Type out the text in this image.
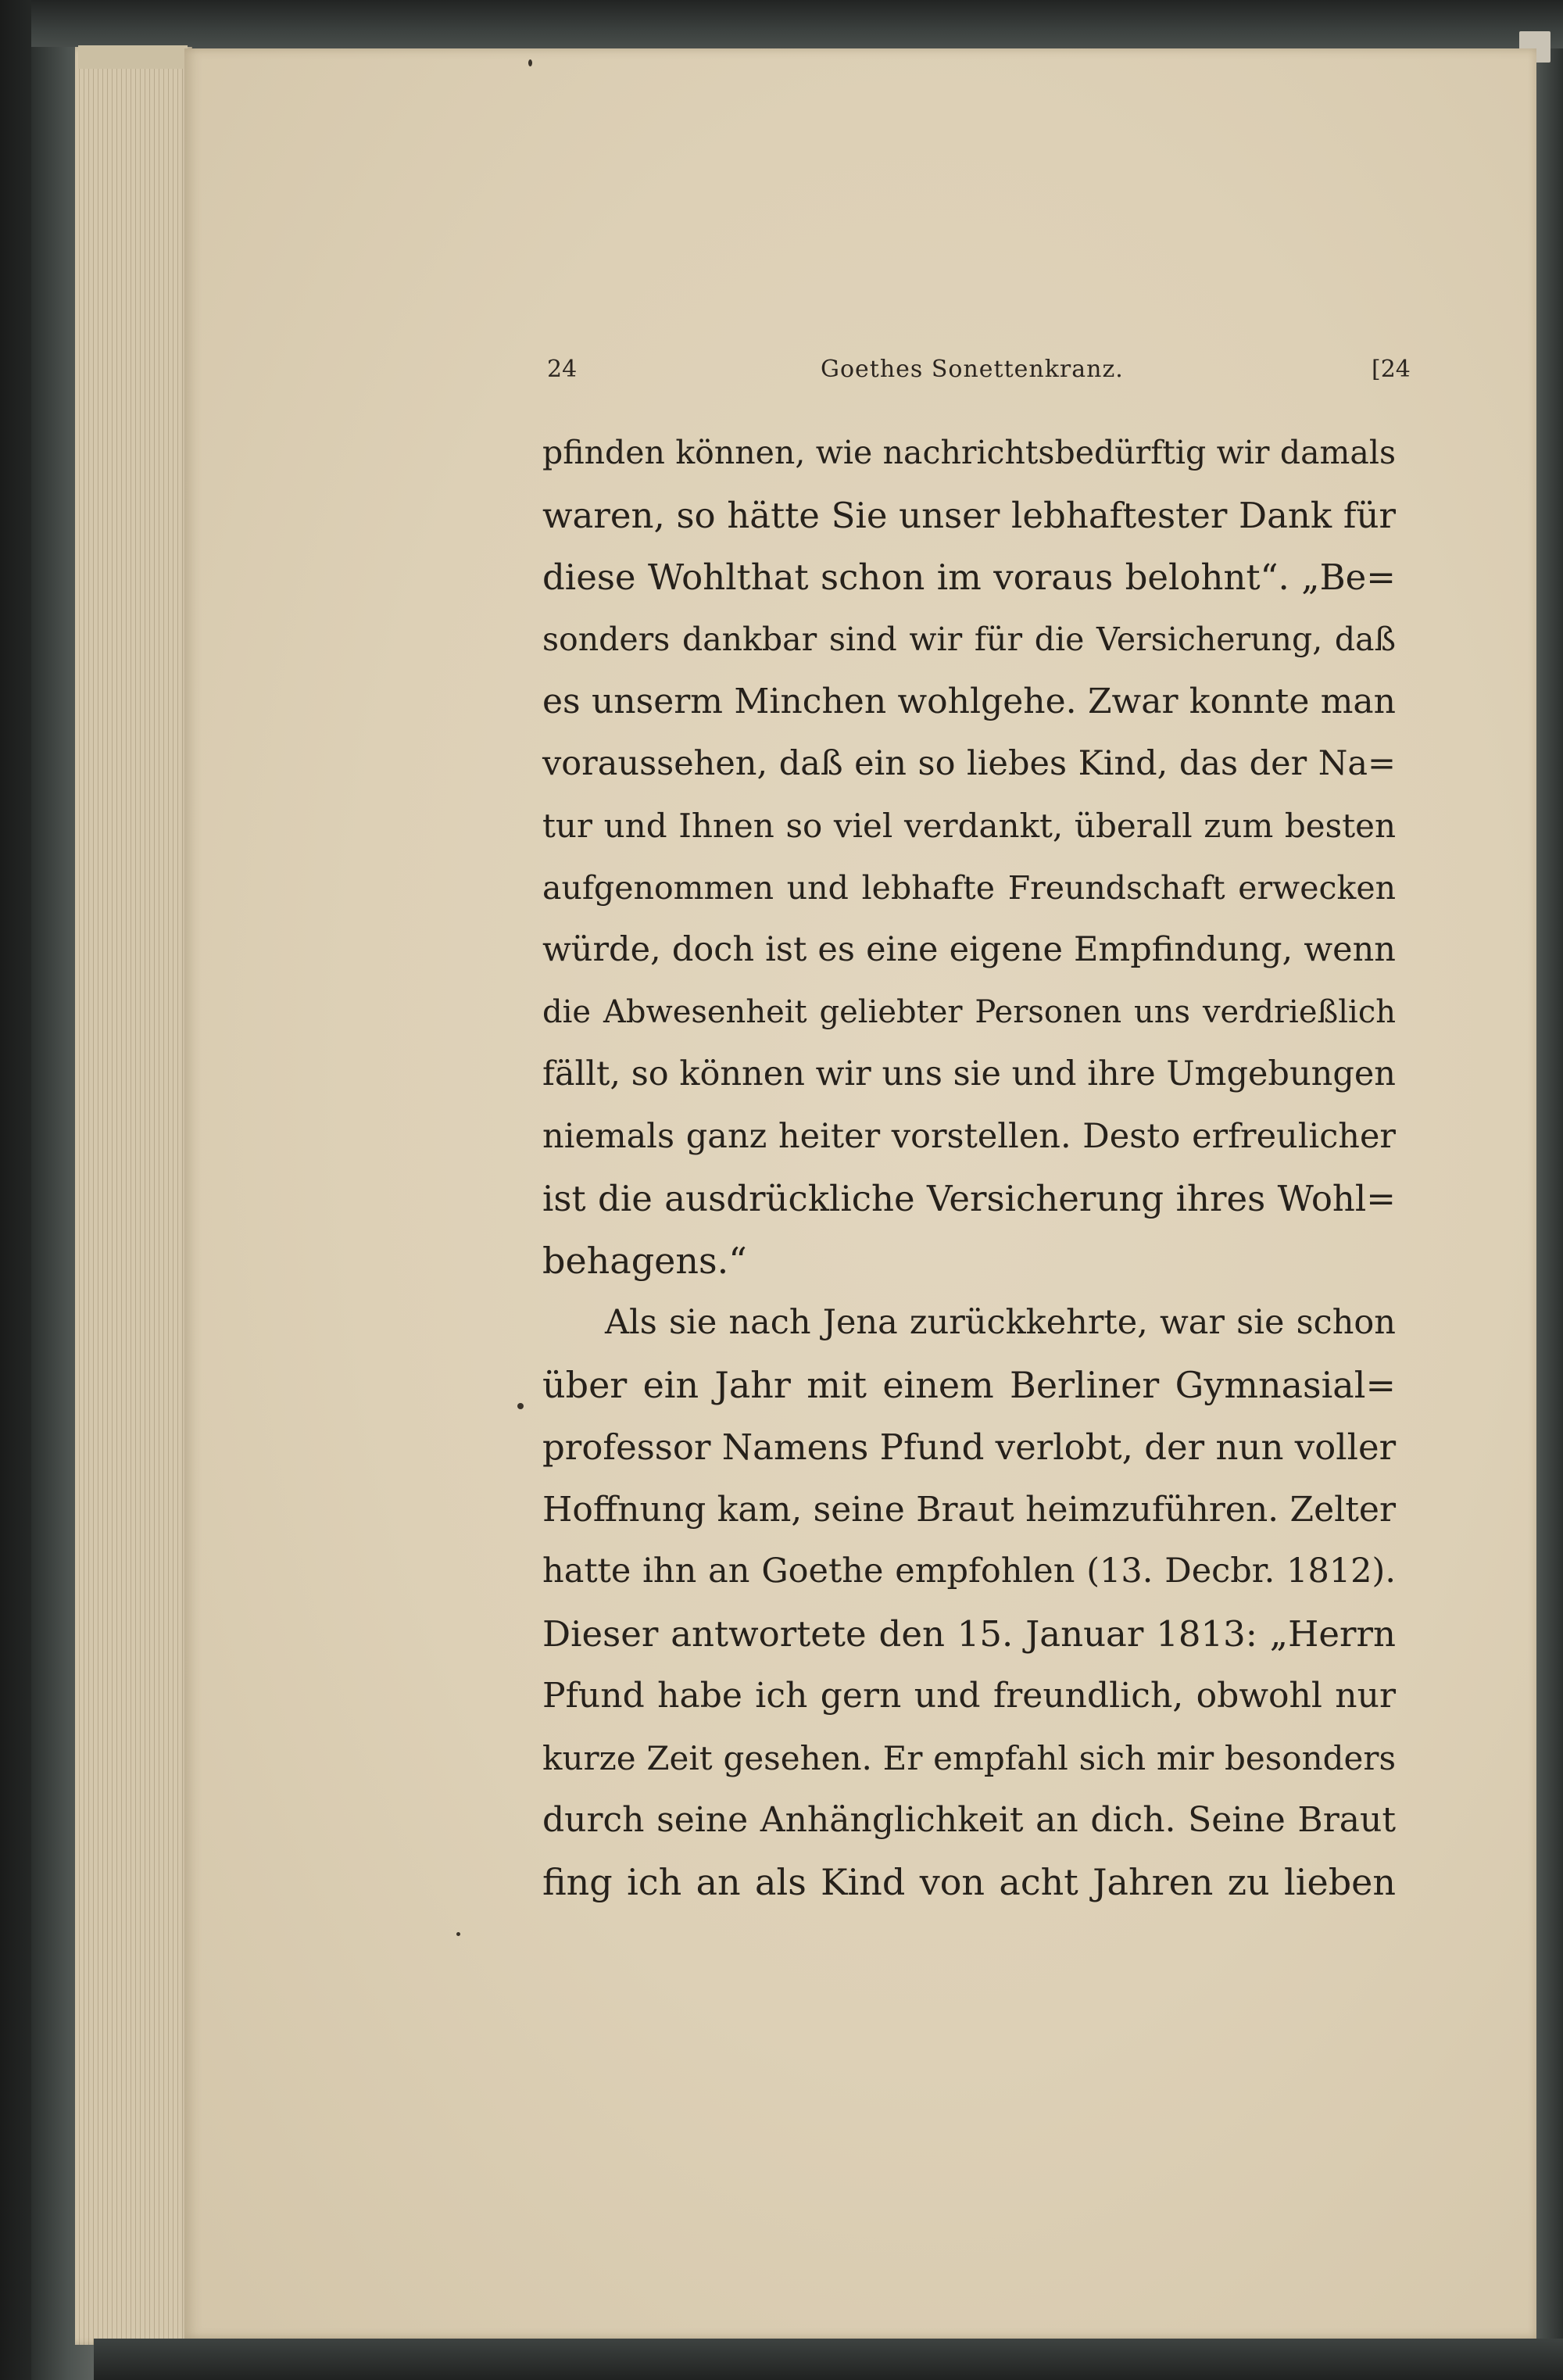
24	Goethes Sonettenkranz.	[24
pfinden können, wie nachrichtsbedürftig wir damals
waren, so hätte Sie unser lebhaftester Dank für
diese Wohlthat schon im voraus belohnt“. „Be=
sonders dankbar sind wir für die Versicherung, daß
es unserm Minchen wohlgehe. Zwar konnte man
voraussehen, daß ein so liebes Kind, das der Na=
tur und Ihnen so viel verdankt, überall zum besten
aufgenommen und lebhafte Freundschaft erwecken
würde, doch ist es eine eigene Empfindung, wenn
die Abwesenheit geliebter Personen uns verdrießlich
fällt, so können wir uns sie und ihre Umgebungen
niemals ganz heiter vorstellen. Desto erfreulicher
ist die ausdrückliche Versicherung ihres Wohl=
behagens.“
Als sie nach Jena zurückkehrte, war sie schon
über ein Jahr mit einem Berliner Gymnasial=
professor Namens Pfund verlobt, der nun voller
Hoffnung kam, seine Braut heimzuführen. Zelter
hatte ihn an Goethe empfohlen (13. Decbr. 1812).
Dieser antwortete den 15. Januar 1813: „Herrn
Pfund habe ich gern und freundlich, obwohl nur
kurze Zeit gesehen. Er empfahl sich mir besonders
durch seine Anhänglichkeit an dich. Seine Braut
fing ich an als Kind von acht Jahren zu lieben
